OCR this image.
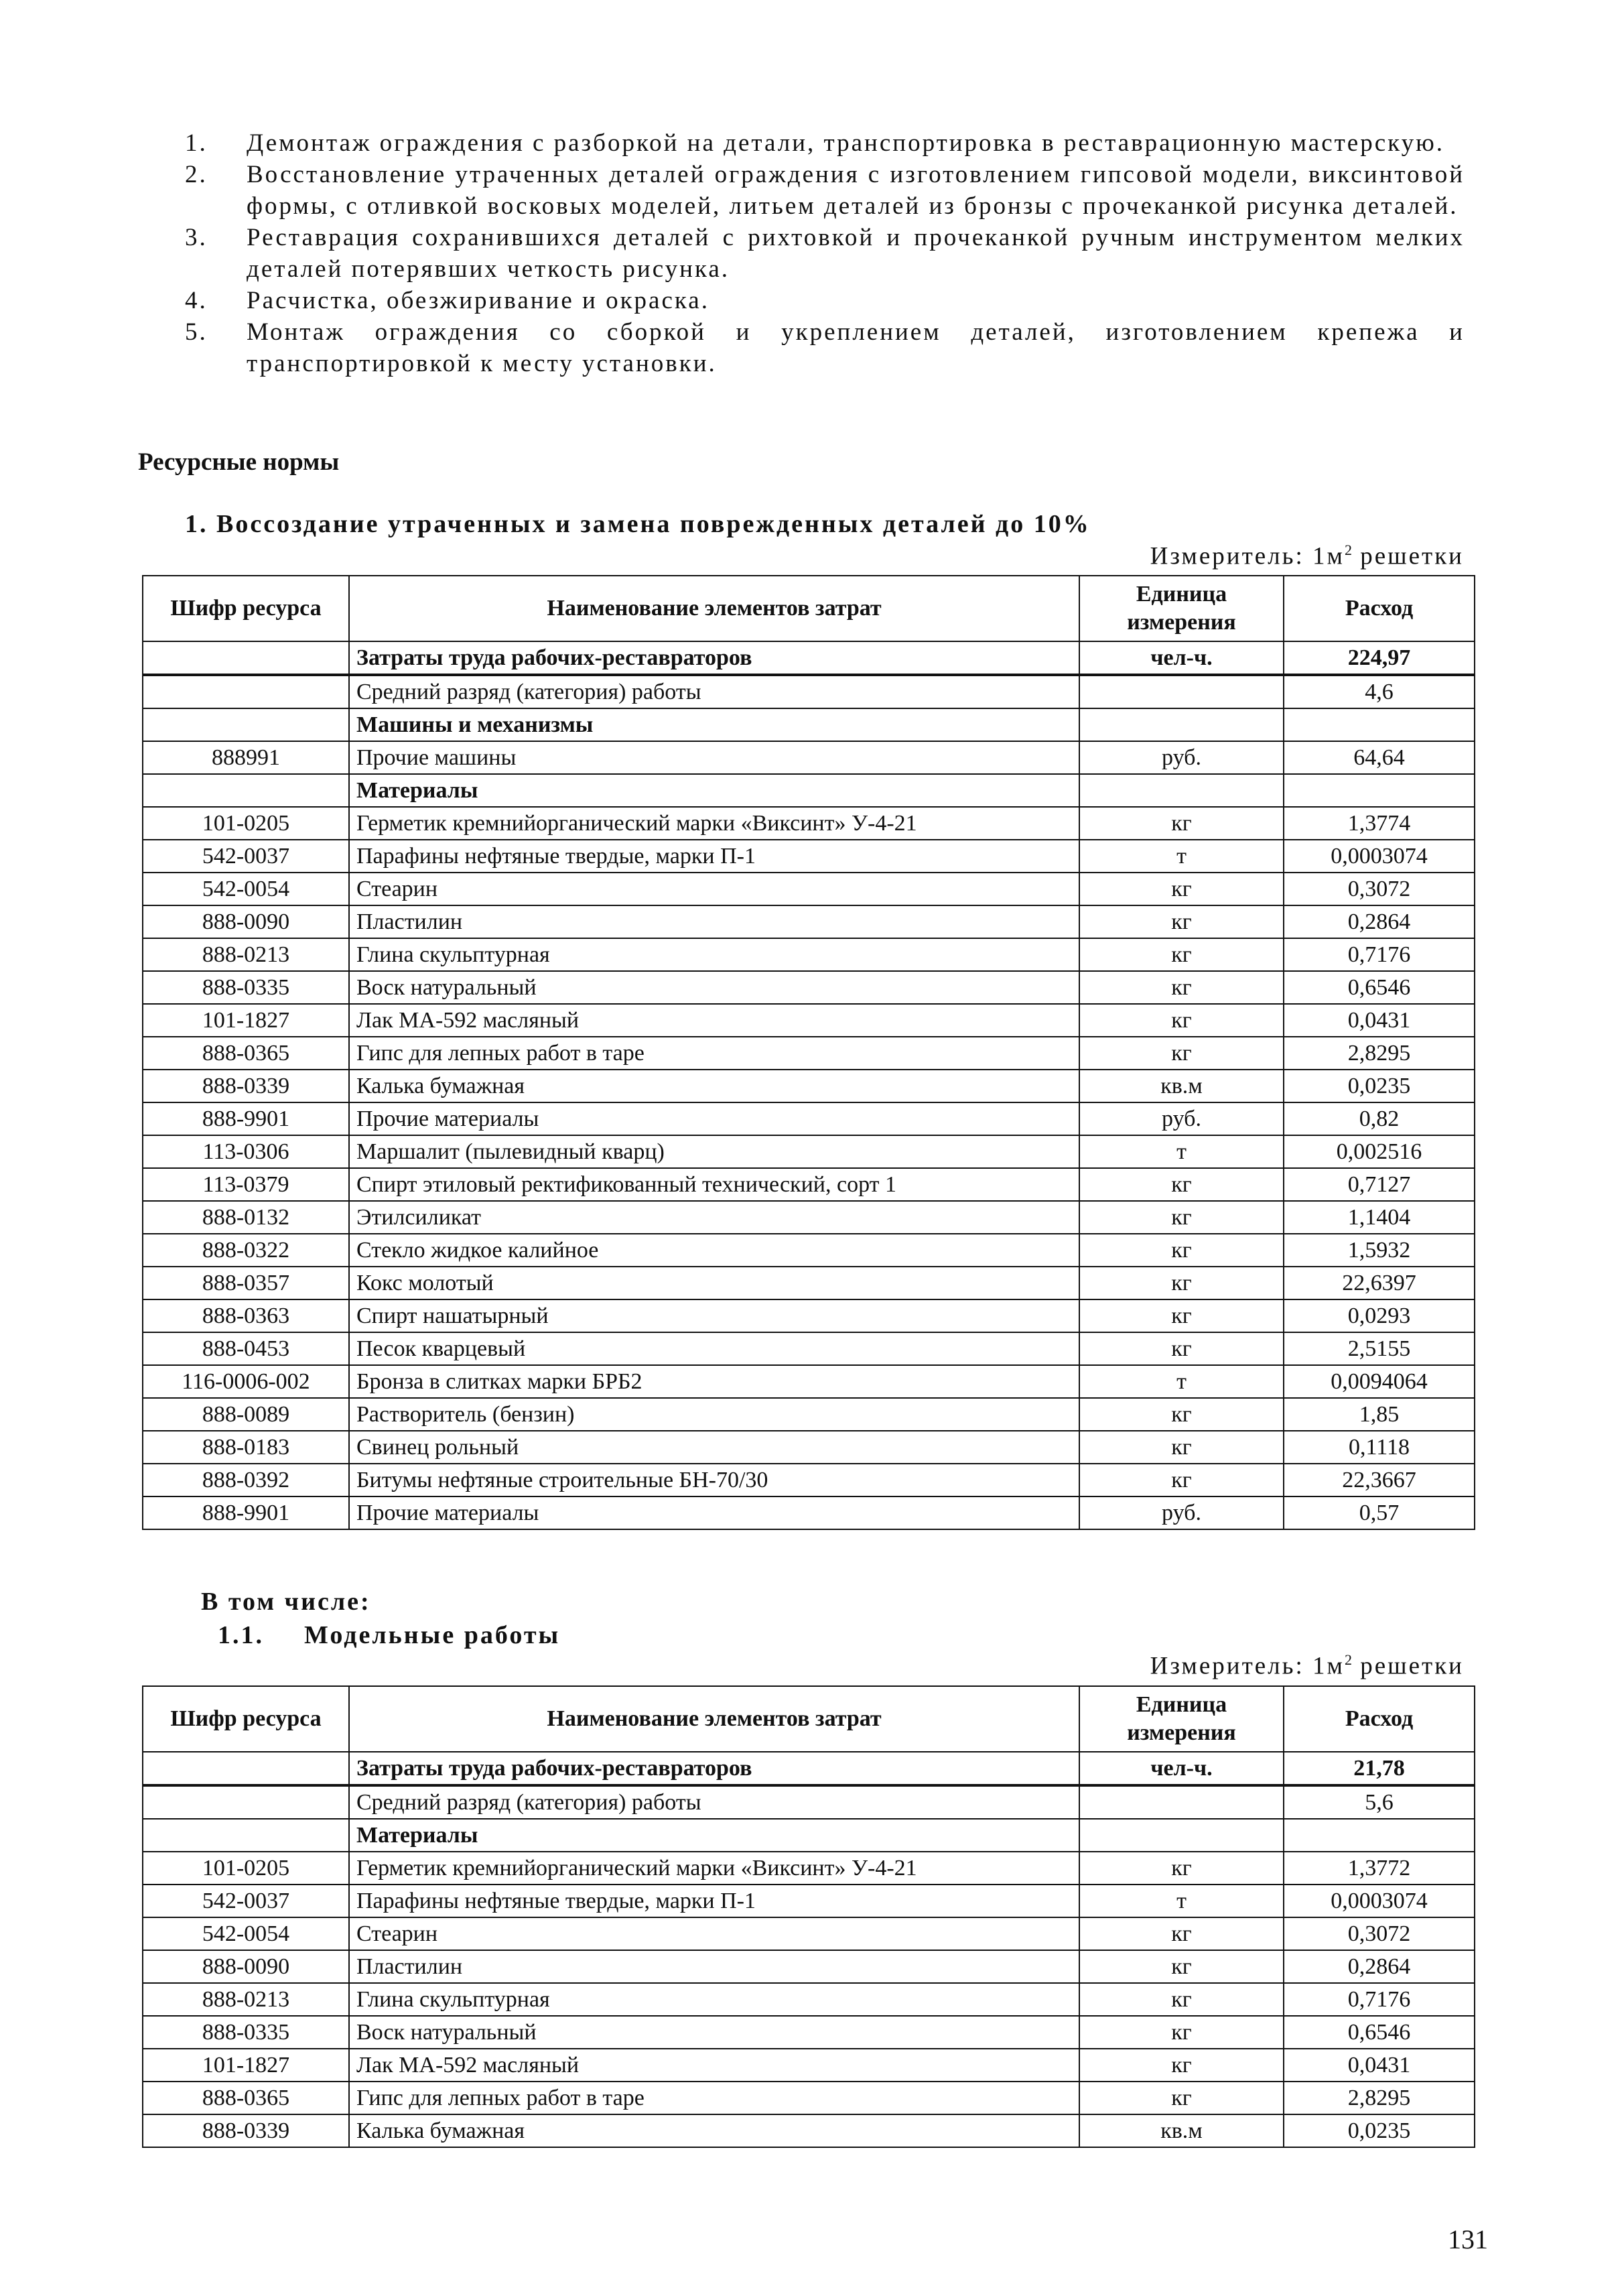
1.	Демонтаж ограждения с разборкой на детали, транспортировка в реставрационную мастерскую.
2.	Восстановление утраченных деталей ограждения с изготовлением гипсовой модели, виксинтовой формы, с отливкой восковых моделей, литьем деталей из бронзы с прочеканкой рисунка деталей.
3.	Реставрация сохранившихся деталей с рихтовкой и прочеканкой ручным инструментом мелких деталей потерявших четкость рисунка.
4.	Расчистка, обезжиривание и окраска.
5.	Монтаж ограждения со сборкой и укреплением деталей, изготовлением крепежа и транспортировкой к месту установки.
Ресурсные нормы
1. Воссоздание утраченных и замена поврежденных деталей до 10%
Измеритель: $1м^2$ решетки
Шифр ресурса	Наименование элементов затрат	Единица измерения	Расход
	Затраты труда рабочих-реставраторов	чел-ч.	224,97
	Средний разряд (категория) работы		4,6
	Машины и механизмы		
888991	Прочие машины	руб.	64,64
	Материалы		
101-0205	Герметик кремнийорганический марки «Виксинт» У-4-21	кг	1,3774
542-0037	Парафины нефтяные твердые, марки П-1	т	0,0003074
542-0054	Стеарин	кг	0,3072
888-0090	Пластилин	кг	0,2864
888-0213	Глина скульптурная	кг	0,7176
888-0335	Воск натуральный	кг	0,6546
101-1827	Лак МА-592 масляный	кг	0,0431
888-0365	Гипс для лепных работ в таре	кг	2,8295
888-0339	Калька бумажная	кв.м	0,0235
888-9901	Прочие материалы	руб.	0,82
113-0306	Маршалит (пылевидный кварц)	т	0,002516
113-0379	Спирт этиловый ректификованный технический, сорт 1	кг	0,7127
888-0132	Этилсиликат	кг	1,1404
888-0322	Стекло жидкое калийное	кг	1,5932
888-0357	Кокс молотый	кг	22,6397
888-0363	Спирт нашатырный	кг	0,0293
888-0453	Песок кварцевый	кг	2,5155
116-0006-002	Бронза в слитках марки БРБ2	т	0,0094064
888-0089	Растворитель (бензин)	кг	1,85
888-0183	Свинец рольный	кг	0,1118
888-0392	Битумы нефтяные строительные БН-70/30	кг	22,3667
888-9901	Прочие материалы	руб.	0,57
В том числе:
1.1. Модельные работы
Измеритель: $1м^2$ решетки
Шифр ресурса	Наименование элементов затрат	Единица измерения	Расход
	Затраты труда рабочих-реставраторов	чел-ч.	21,78
	Средний разряд (категория) работы		5,6
	Материалы		
101-0205	Герметик кремнийорганический марки «Виксинт» У-4-21	кг	1,3772
542-0037	Парафины нефтяные твердые, марки П-1	т	0,0003074
542-0054	Стеарин	кг	0,3072
888-0090	Пластилин	кг	0,2864
888-0213	Глина скульптурная	кг	0,7176
888-0335	Воск натуральный	кг	0,6546
101-1827	Лак МА-592 масляный	кг	0,0431
888-0365	Гипс для лепных работ в таре	кг	2,8295
888-0339	Калька бумажная	кв.м	0,0235
131
